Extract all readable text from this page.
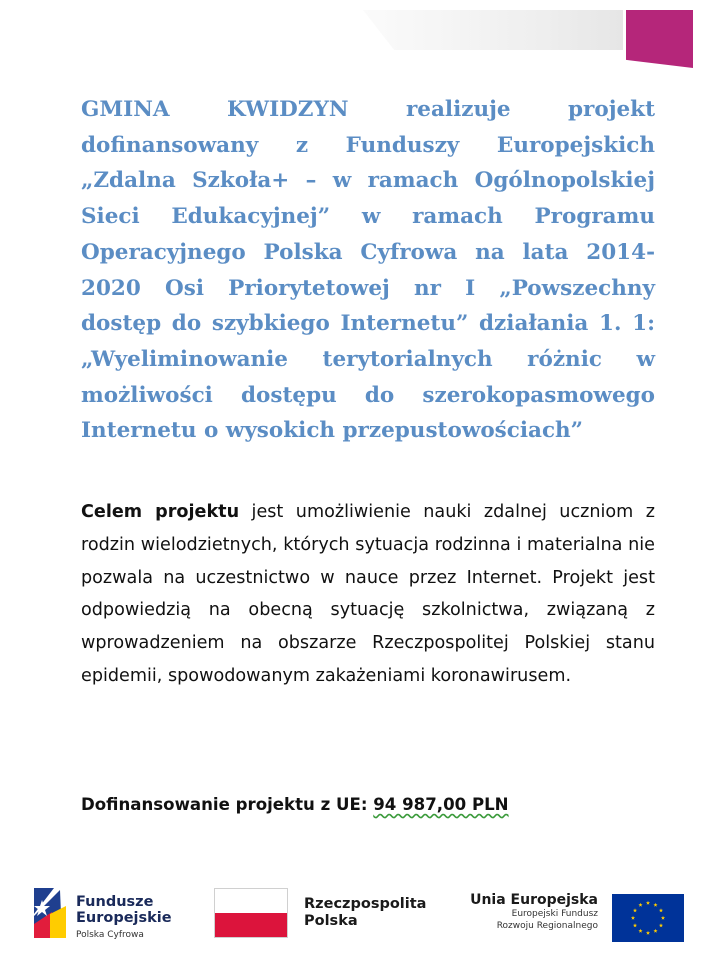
GMINA KWIDZYN realizuje projekt dofinansowany z Funduszy Europejskich „Zdalna Szkoła+ – w ramach Ogólnopolskiej Sieci Edukacyjnej” w ramach Programu Operacyjnego Polska Cyfrowa na lata 2014-2020 Osi Priorytetowej nr I „Powszechny dostęp do szybkiego Internetu” działania 1. 1: „Wyeliminowanie terytorialnych różnic w możliwości dostępu do szerokopasmowego Internetu o wysokich przepustowościach”
Celem projektu jest umożliwienie nauki zdalnej uczniom z rodzin wielodzietnych, których sytuacja rodzinna i materialna nie pozwala na uczestnictwo w nauce przez Internet. Projekt jest odpowiedzią na obecną sytuację szkolnictwa, związaną z wprowadzeniem na obszarze Rzeczpospolitej Polskiej stanu epidemii, spowodowanym zakażeniami koronawirusem.
Dofinansowanie projektu z UE: 94 987,00 PLN
Fundusze
Europejskie
Polska Cyfrowa
Rzeczpospolita
Polska
Unia Europejska
Europejski Fundusz
Rozwoju Regionalnego
